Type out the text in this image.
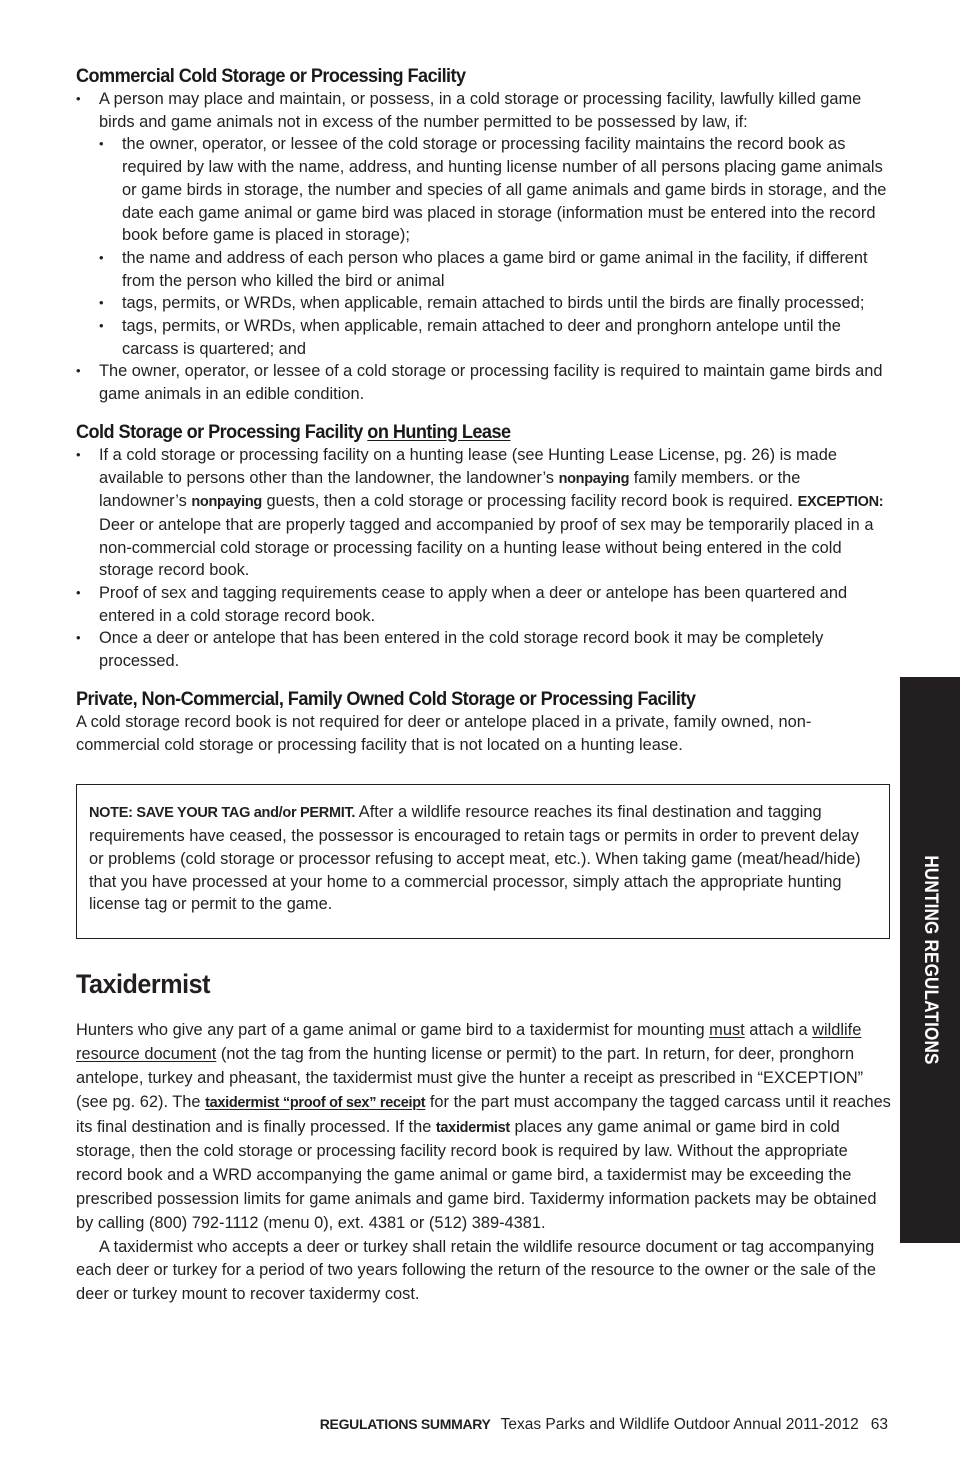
Commercial Cold Storage or Processing Facility
• A person may place and maintain, or possess, in a cold storage or processing facility, lawfully killed game birds and game animals not in excess of the number permitted to be possessed by law, if:
• the owner, operator, or lessee of the cold storage or processing facility maintains the record book as required by law with the name, address, and hunting license number of all persons placing game animals or game birds in storage, the number and species of all game animals and game birds in storage, and the date each game animal or game bird was placed in storage (information must be entered into the record book before game is placed in storage);
• the name and address of each person who places a game bird or game animal in the facility, if different from the person who killed the bird or animal
• tags, permits, or WRDs, when applicable, remain attached to birds until the birds are finally processed;
• tags, permits, or WRDs, when applicable, remain attached to deer and pronghorn antelope until the carcass is quartered; and
• The owner, operator, or lessee of a cold storage or processing facility is required to maintain game birds and game animals in an edible condition.
Cold Storage or Processing Facility on Hunting Lease
• If a cold storage or processing facility on a hunting lease (see Hunting Lease License, pg. 26) is made available to persons other than the landowner, the landowner’s nonpaying family members. or the landowner’s nonpaying guests, then a cold storage or processing facility record book is required. EXCEPTION: Deer or antelope that are properly tagged and accompanied by proof of sex may be temporarily placed in a non-commercial cold storage or processing facility on a hunting lease without being entered in the cold storage record book.
• Proof of sex and tagging requirements cease to apply when a deer or antelope has been quartered and entered in a cold storage record book.
• Once a deer or antelope that has been entered in the cold storage record book it may be completely processed.
Private, Non-Commercial, Family Owned Cold Storage or Processing Facility

A cold storage record book is not required for deer or antelope placed in a private, family owned, non-commercial cold storage or processing facility that is not located on a hunting lease.

NOTE: SAVE YOUR TAG and/or PERMIT. After a wildlife resource reaches its final destination and tagging requirements have ceased, the possessor is encouraged to retain tags or permits in order to prevent delay or problems (cold storage or processor refusing to accept meat, etc.). When taking game (meat/head/hide) that you have processed at your home to a commercial processor, simply attach the appropriate hunting license tag or permit to the game.

Taxidermist

Hunters who give any part of a game animal or game bird to a taxidermist for mounting must attach a wildlife resource document (not the tag from the hunting license or permit) to the part. In return, for deer, pronghorn antelope, turkey and pheasant, the taxidermist must give the hunter a receipt as prescribed in “EXCEPTION” (see pg. 62). The taxidermist “proof of sex” receipt for the part must accompany the tagged carcass until it reaches its final destination and is finally processed. If the taxidermist places any game animal or game bird in cold storage, then the cold storage or processing facility record book is required by law. Without the appropriate record book and a WRD accompanying the game animal or game bird, a taxidermist may be exceeding the prescribed possession limits for game animals and game bird. Taxidermy information packets may be obtained by calling (800) 792-1112 (menu 0), ext. 4381 or (512) 389-4381.

A taxidermist who accepts a deer or turkey shall retain the wildlife resource document or tag accompanying each deer or turkey for a period of two years following the return of the resource to the owner or the sale of the deer or turkey mount to recover taxidermy cost.

HUNTING REGULATIONS
REGULATIONS SUMMARY Texas Parks and Wildlife Outdoor Annual 2011-2012 63
